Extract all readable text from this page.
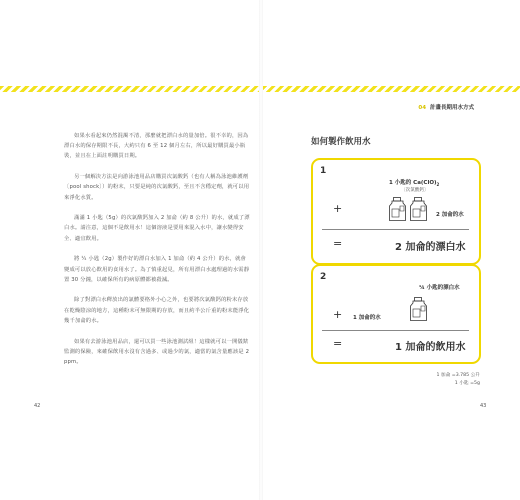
04 計畫長期用水方式

如果水看起來仍然混濁不清，那麼就把漂白水的量加倍。很不幸的，因為漂白水的保存期限不長，大約只有 6 至 12 個月左右，所以最好購買最小瓶裝，並且在上面註明購買日期。

另一個解決方法是向游泳池用品店購買次氯酸鈣（也有人稱為泳池維護劑〔pool shock〕）的粉末，只要是純的次氯酸鈣，至且不含穩定劑，就可以用來淨化水質。

滿滿 1 小匙（5g）的次氯酸鈣加入 2 加侖（約 8 公升）的水，就成了漂白水。請注意，這個不是飲用水！這個溶液是要用來混入水中，讓水變得安全、適宜飲用。

將 ¼ 小匙（2g）製作好的漂白水加入 1 加侖（約 4 公升）的水，就會變成可以放心飲用的食用水了。為了慎重起見，所有用漂白水處理過的水需靜置 30 分鐘，以確保所有的病原體都被殺滅。

除了對漂白水釋放出的氯體要格外小心之外，也要將次氯酸鈣的粉末存放在乾燥陰涼的地方，這種粉末可無限期的存放，而且約半公斤重的粉末能淨化幾千加侖的水。

如果有去游泳池用品店，還可以買一些泳池測試組！這樣就可以一開儀錶監測的保險，來確保飲用水沒有含過多、或過少的氯，適當的氯含量應該是 2 ppm。

42
如何製作飲用水
1
1 小匙的 $Ca(ClO)_2$
〔次氯酸鈣〕
+	2 加侖的水
=	2 加侖的漂白水
2
¼ 小匙的漂白水
+ 1 加侖的水
=	1 加侖的飲用水
1 加侖 =3.785 公升
1 小匙 =5g
43
